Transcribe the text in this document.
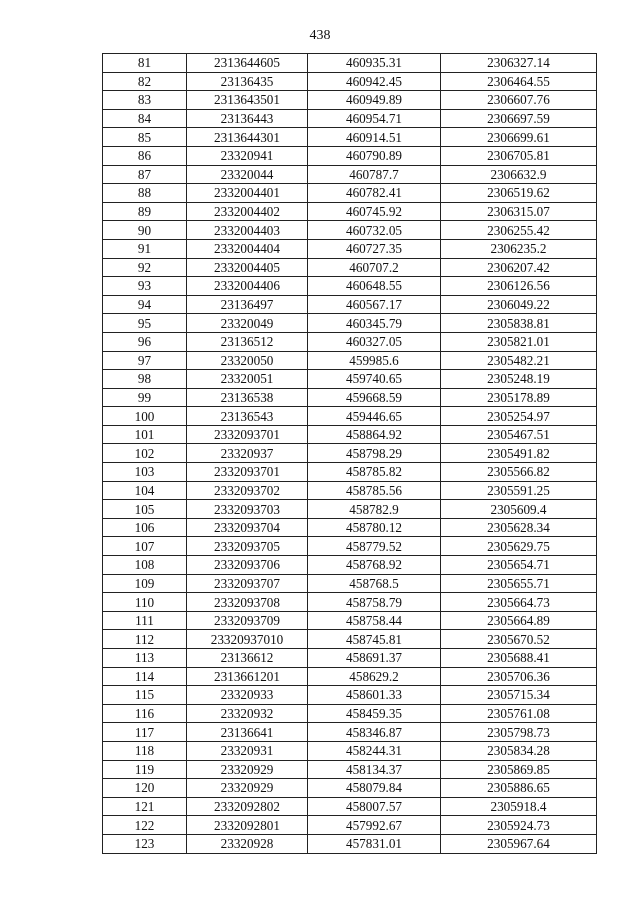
438
81	2313644605	460935.31	2306327.14
82	23136435	460942.45	2306464.55
83	2313643501	460949.89	2306607.76
84	23136443	460954.71	2306697.59
85	2313644301	460914.51	2306699.61
86	23320941	460790.89	2306705.81
87	23320044	460787.7	2306632.9
88	2332004401	460782.41	2306519.62
89	2332004402	460745.92	2306315.07
90	2332004403	460732.05	2306255.42
91	2332004404	460727.35	2306235.2
92	2332004405	460707.2	2306207.42
93	2332004406	460648.55	2306126.56
94	23136497	460567.17	2306049.22
95	23320049	460345.79	2305838.81
96	23136512	460327.05	2305821.01
97	23320050	459985.6	2305482.21
98	23320051	459740.65	2305248.19
99	23136538	459668.59	2305178.89
100	23136543	459446.65	2305254.97
101	2332093701	458864.92	2305467.51
102	23320937	458798.29	2305491.82
103	2332093701	458785.82	2305566.82
104	2332093702	458785.56	2305591.25
105	2332093703	458782.9	2305609.4
106	2332093704	458780.12	2305628.34
107	2332093705	458779.52	2305629.75
108	2332093706	458768.92	2305654.71
109	2332093707	458768.5	2305655.71
110	2332093708	458758.79	2305664.73
111	2332093709	458758.44	2305664.89
112	23320937010	458745.81	2305670.52
113	23136612	458691.37	2305688.41
114	2313661201	458629.2	2305706.36
115	23320933	458601.33	2305715.34
116	23320932	458459.35	2305761.08
117	23136641	458346.87	2305798.73
118	23320931	458244.31	2305834.28
119	23320929	458134.37	2305869.85
120	23320929	458079.84	2305886.65
121	2332092802	458007.57	2305918.4
122	2332092801	457992.67	2305924.73
123	23320928	457831.01	2305967.64
